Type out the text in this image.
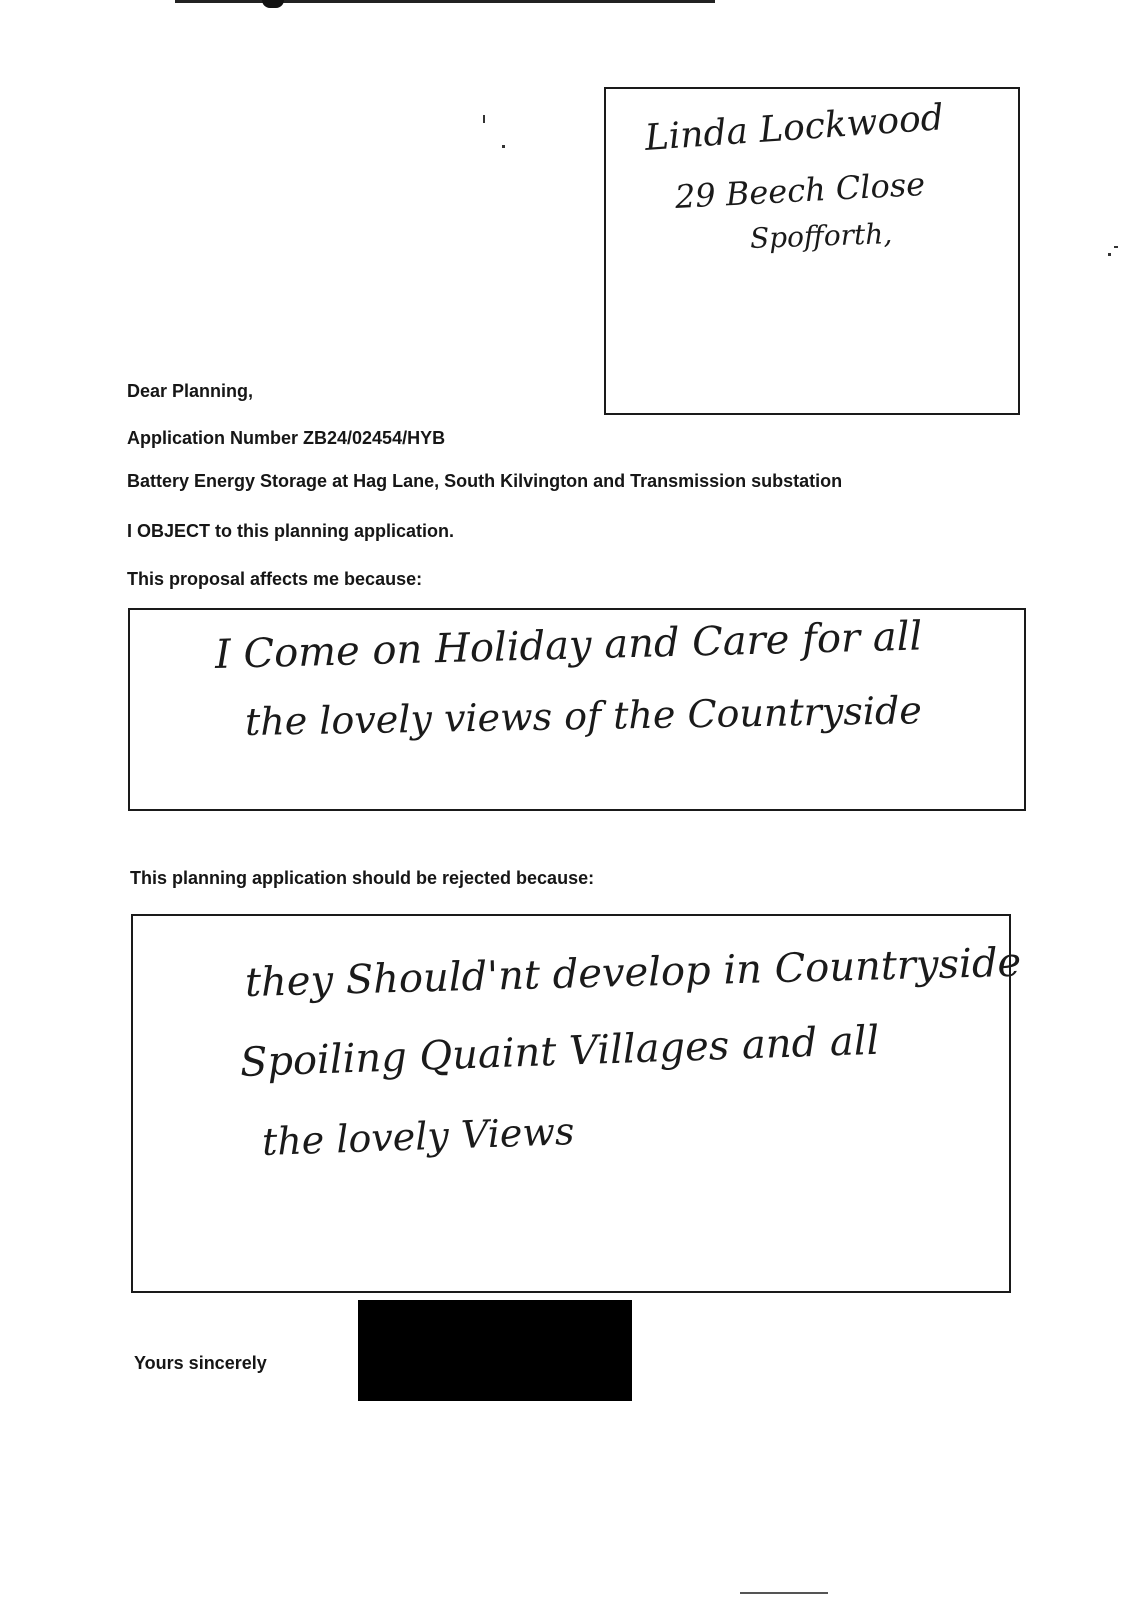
Linda Lockwood
29 Beech Close
Spofforth,
Dear Planning,
Application Number ZB24/02454/HYB
Battery Energy Storage at Hag Lane, South Kilvington and Transmission substation
I OBJECT to this planning application.
This proposal affects me because:
I Come on Holiday and Care for all
the lovely views of the Countryside
This planning application should be rejected because:
they Should'nt develop in Countryside
Spoiling Quaint Villages and all
the lovely Views
Yours sincerely
